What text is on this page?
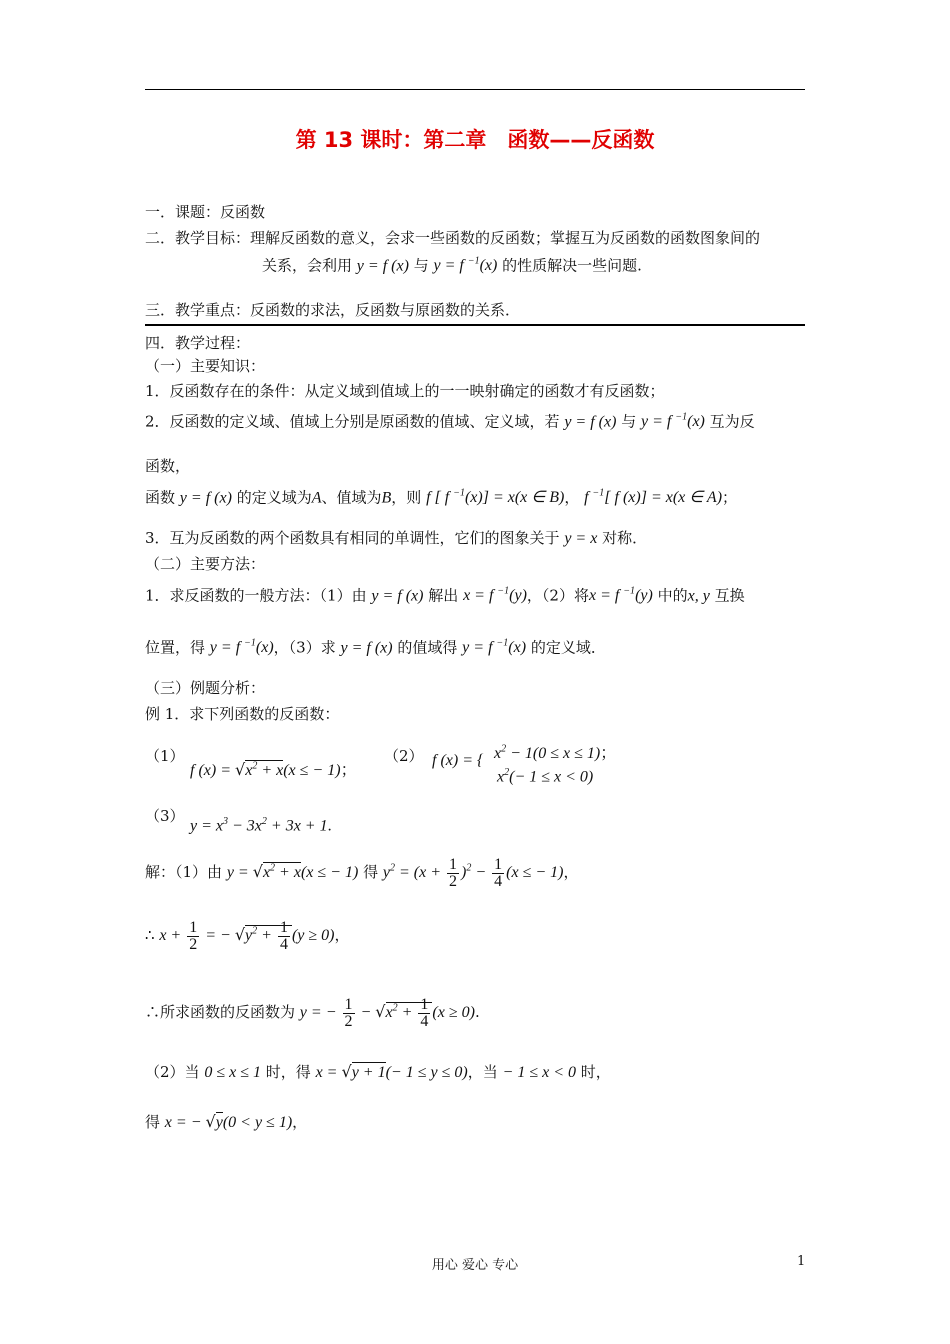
第 13 课时：第二章　函数——反函数
一．课题：反函数
二．教学目标：理解反函数的意义，会求一些函数的反函数；掌握互为反函数的函数图象间的
关系，会利用 y = f (x) 与 y = f $^{-1}$(x) 的性质解决一些问题.
三．教学重点：反函数的求法，反函数与原函数的关系．
四．教学过程：
（一）主要知识：
1．反函数存在的条件：从定义域到值域上的一一映射确定的函数才有反函数；
2．反函数的定义域、值域上分别是原函数的值域、定义域，若 y = f (x) 与 y = f $^{-1}$(x) 互为反
函数，
函数 y = f (x) 的定义域为A、值域为B，则 f [ f $^{-1}$(x)] = x(x ∈ B)， f $^{-1}$[ f (x)] = x(x ∈ A)；
3．互为反函数的两个函数具有相同的单调性，它们的图象关于 y = x 对称．
（二）主要方法：
1．求反函数的一般方法：（1）由 y = f (x) 解出 x = f $^{-1}$(y)，（2）将x = f $^{-1}$(y) 中的x, y 互换
位置，得 y = f $^{-1}$(x)，（3）求 y = f (x) 的值域得 y = f $^{-1}$(x) 的定义域．
（三）例题分析：
例 1．求下列函数的反函数：
（1）
f $(x) = √x^2 + x(x$ ≤ − 1)；
（2） f (x) = { $x^2 - 1(0 \le x \le 1)$；
$x^2(- 1 \le x < 0)$
（3）
$y = x^3 - 3x^2 + 3x + 1$.
解：（1）由 $y = √x^2 + x(x$ ≤ − 1) 得 $y^2 = (x + \frac{1}{2} )^2 - \frac{1}{4} (x$ ≤ − 1)，
∴ $x + \frac{1}{2}$ = − $√y^2 + \frac{1}{4} (y \ge 0)$，
∴所求函数的反函数为 y = − $\frac{1}{2} - √x^2 + \frac{1}{4} (x \ge 0)$.
（2）当 0 ≤ x ≤ 1 时，得 x = √y + 1(− 1 ≤ y ≤ 0)，当 − 1 ≤ x < 0 时，
得 x = − √y(0 < y ≤ 1)，
用心 爱心 专心	1
